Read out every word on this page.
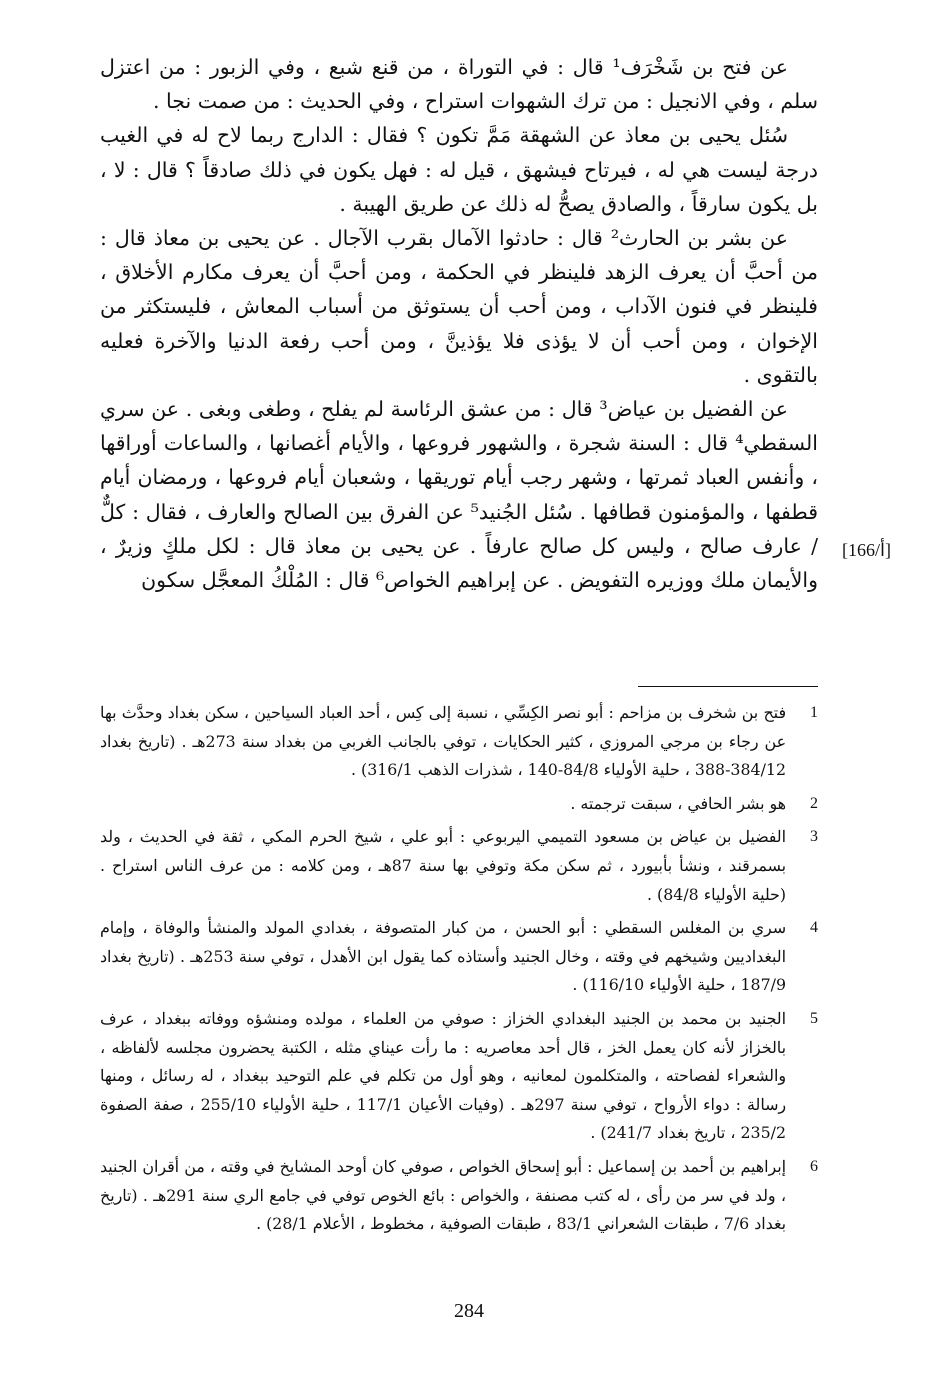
عن فتح بن شَخْرَف¹ قال : في التوراة ، من قنع شبع ، وفي الزبور : من اعتزل سلم ، وفي الانجيل : من ترك الشهوات استراح ، وفي الحديث : من صمت نجا .

سُئل يحيى بن معاذ عن الشهقة مَمَّ تكون ؟ فقال : الدارج ربما لاح له في الغيب درجة ليست هي له ، فيرتاح فيشهق ، قيل له : فهل يكون في ذلك صادقاً ؟ قال : لا ، بل يكون سارقاً ، والصادق يصحُّ له ذلك عن طريق الهيبة .

عن بشر بن الحارث² قال : حادثوا الآمال بقرب الآجال . عن يحيى بن معاذ قال : من أحبَّ أن يعرف الزهد فلينظر في الحكمة ، ومن أحبَّ أن يعرف مكارم الأخلاق ، فلينظر في فنون الآداب ، ومن أحب أن يستوثق من أسباب المعاش ، فليستكثر من الإخوان ، ومن أحب أن لا يؤذى فلا يؤذينَّ ، ومن أحب رفعة الدنيا والآخرة فعليه بالتقوى .

عن الفضيل بن عياض³ قال : من عشق الرئاسة لم يفلح ، وطغى وبغى . عن سري السقطي⁴ قال : السنة شجرة ، والشهور فروعها ، والأيام أغصانها ، والساعات أوراقها ، وأنفس العباد ثمرتها ، وشهر رجب أيام توريقها ، وشعبان أيام فروعها ، ورمضان أيام قطفها ، والمؤمنون قطافها . سُئل الجُنيد⁵ عن الفرق بين الصالح والعارف ، فقال : كلٌّ / عارف صالح ، وليس كل صالح عارفاً . عن يحيى بن معاذ قال : لكل ملكٍ وزيرٌ ، والأيمان ملك ووزيره التفويض . عن إبراهيم الخواص⁶ قال : المُلْكُ المعجَّل سكون

[166/أ]
1
فتح بن شخرف بن مزاحم : أبو نصر الكِسِّي ، نسبة إلى كِس ، أحد العباد السياحين ، سكن بغداد وحدَّث بها عن رجاء بن مرجي المروزي ، كثير الحكايات ، توفي بالجانب الغربي من بغداد سنة 273هـ . (تاريخ بغداد 384/12-388 ، حلية الأولياء 84/8-140 ، شذرات الذهب 316/1) .
2
هو بشر الحافي ، سبقت ترجمته .
3
الفضيل بن عياض بن مسعود التميمي اليربوعي : أبو علي ، شيخ الحرم المكي ، ثقة في الحديث ، ولد بسمرقند ، ونشأ بأبيورد ، ثم سكن مكة وتوفي بها سنة 87هـ ، ومن كلامه : من عرف الناس استراح . (حلية الأولياء 84/8) .
4
سري بن المغلس السقطي : أبو الحسن ، من كبار المتصوفة ، بغدادي المولد والمنشأ والوفاة ، وإمام البغداديين وشيخهم في وقته ، وخال الجنيد وأستاذه كما يقول ابن الأهدل ، توفي سنة 253هـ . (تاريخ بغداد 187/9 ، حلية الأولياء 116/10) .
5
الجنيد بن محمد بن الجنيد البغدادي الخزاز : صوفي من العلماء ، مولده ومنشؤه ووفاته ببغداد ، عرف بالخزاز لأنه كان يعمل الخز ، قال أحد معاصريه : ما رأت عيناي مثله ، الكتبة يحضرون مجلسه لألفاظه ، والشعراء لفصاحته ، والمتكلمون لمعانيه ، وهو أول من تكلم في علم التوحيد ببغداد ، له رسائل ، ومنها رسالة : دواء الأرواح ، توفي سنة 297هـ . (وفيات الأعيان 117/1 ، حلية الأولياء 255/10 ، صفة الصفوة 235/2 ، تاريخ بغداد 241/7) .
6
إبراهيم بن أحمد بن إسماعيل : أبو إسحاق الخواص ، صوفي كان أوحد المشايخ في وقته ، من أقران الجنيد ، ولد في سر من رأى ، له كتب مصنفة ، والخواص : بائع الخوص توفي في جامع الري سنة 291هـ . (تاريخ بغداد 7/6 ، طبقات الشعراني 83/1 ، طبقات الصوفية ، مخطوط ، الأعلام 28/1) .
284
